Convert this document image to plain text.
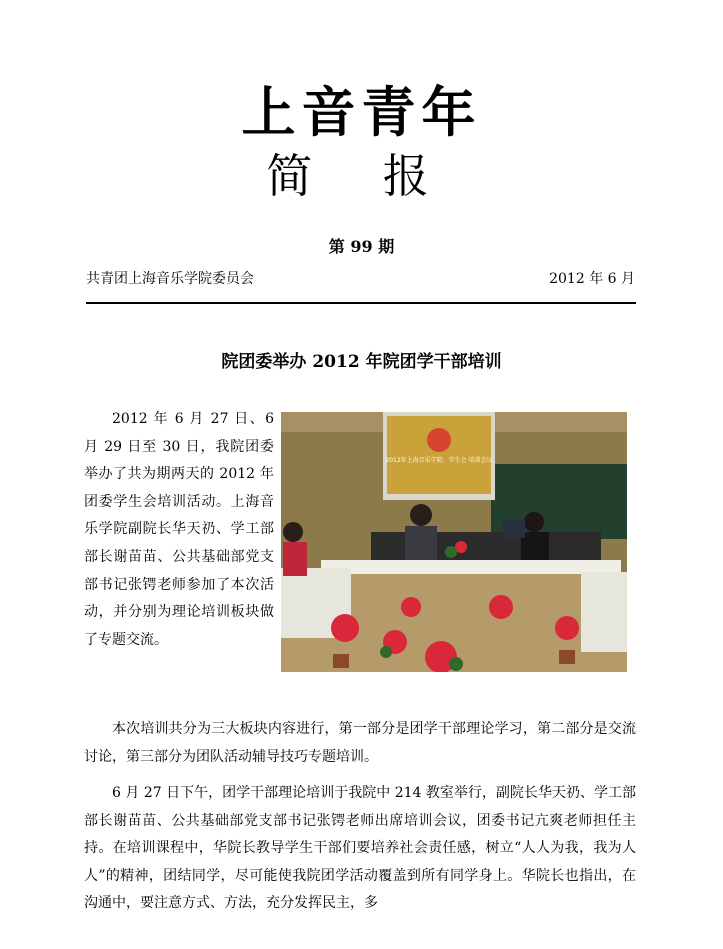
上音青年
简 报
第 99 期
共青团上海音乐学院委员会	2012 年 6 月
院团委举办 2012 年院团学干部培训

2012 年 6 月 27 日、6 月 29 日至 30 日，我院团委举办了共为期两天的 2012 年团委学生会培训活动。上海音乐学院副院长华天礽、学工部部长谢苗苗、公共基础部党支部书记张锷老师参加了本次活动，并分别为理论培训板块做了专题交流。

2012年上海音乐学院、学生会 培训会议

本次培训共分为三大板块内容进行，第一部分是团学干部理论学习，第二部分是交流讨论，第三部分为团队活动辅导技巧专题培训。

6 月 27 日下午，团学干部理论培训于我院中 214 教室举行，副院长华天礽、学工部部长谢苗苗、公共基础部党支部书记张锷老师出席培训会议，团委书记亢爽老师担任主持。在培训课程中，华院长教导学生干部们要培养社会责任感，树立“人人为我，我为人人”的精神，团结同学，尽可能使我院团学活动覆盖到所有同学身上。华院长也指出，在沟通中，要注意方式、方法，充分发挥民主，多
